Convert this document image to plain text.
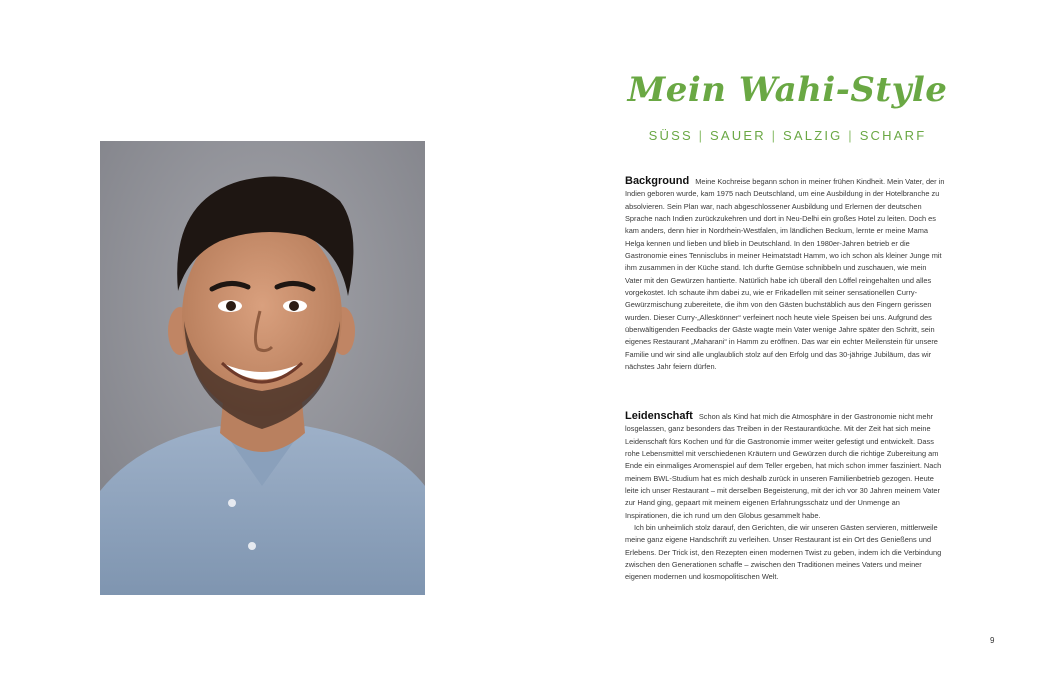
Mein Wahi-Style

SÜSS | SAUER | SALZIG | SCHARF

Background Meine Kochreise begann schon in meiner frühen Kindheit. Mein Vater, der in Indien geboren wurde, kam 1975 nach Deutschland, um eine Ausbildung in der Hotelbranche zu absolvieren. Sein Plan war, nach abgeschlossener Ausbildung und Erlernen der deutschen Sprache nach Indien zurückzukehren und dort in Neu-Delhi ein großes Hotel zu leiten. Doch es kam anders, denn hier in Nordrhein-Westfalen, im ländlichen Beckum, lernte er meine Mama Helga kennen und lieben und blieb in Deutschland. In den 1980er-Jahren betrieb er die Gastronomie eines Tennisclubs in meiner Heimatstadt Hamm, wo ich schon als kleiner Junge mit ihm zusammen in der Küche stand. Ich durfte Gemüse schnibbeln und zuschauen, wie mein Vater mit den Gewürzen hantierte. Natürlich habe ich überall den Löffel reingehalten und alles vorgekostet. Ich schaute ihm dabei zu, wie er Frikadellen mit seiner sensationellen Curry-Gewürzmischung zubereitete, die ihm von den Gästen buchstäblich aus den Fingern gerissen wurden. Dieser Curry-„Alleskönner“ verfeinert noch heute viele Speisen bei uns. Aufgrund des überwältigenden Feedbacks der Gäste wagte mein Vater wenige Jahre später den Schritt, sein eigenes Restaurant „Maharani“ in Hamm zu eröffnen. Das war ein echter Meilenstein für unsere Familie und wir sind alle unglaublich stolz auf den Erfolg und das 30-jährige Jubiläum, das wir nächstes Jahr feiern dürfen.

Leidenschaft Schon als Kind hat mich die Atmosphäre in der Gastronomie nicht mehr losgelassen, ganz besonders das Treiben in der Restaurantküche. Mit der Zeit hat sich meine Leidenschaft fürs Kochen und für die Gastronomie immer weiter gefestigt und entwickelt. Dass rohe Lebensmittel mit verschiedenen Kräutern und Gewürzen durch die richtige Zubereitung am Ende ein einmaliges Aromenspiel auf dem Teller ergeben, hat mich schon immer fasziniert. Nach meinem BWL-Studium hat es mich deshalb zurück in unseren Familienbetrieb gezogen. Heute leite ich unser Restaurant – mit derselben Begeisterung, mit der ich vor 30 Jahren meinem Vater zur Hand ging, gepaart mit meinem eigenen Erfahrungsschatz und der Unmenge an Inspirationen, die ich rund um den Globus gesammelt habe.

Ich bin unheimlich stolz darauf, den Gerichten, die wir unseren Gästen servieren, mittlerweile meine ganz eigene Handschrift zu verleihen. Unser Restaurant ist ein Ort des Genießens und Erlebens. Der Trick ist, den Rezepten einen modernen Twist zu geben, indem ich die Verbindung zwischen den Generationen schaffe – zwischen den Traditionen meines Vaters und meiner eigenen modernen und kosmopolitischen Welt.

9
